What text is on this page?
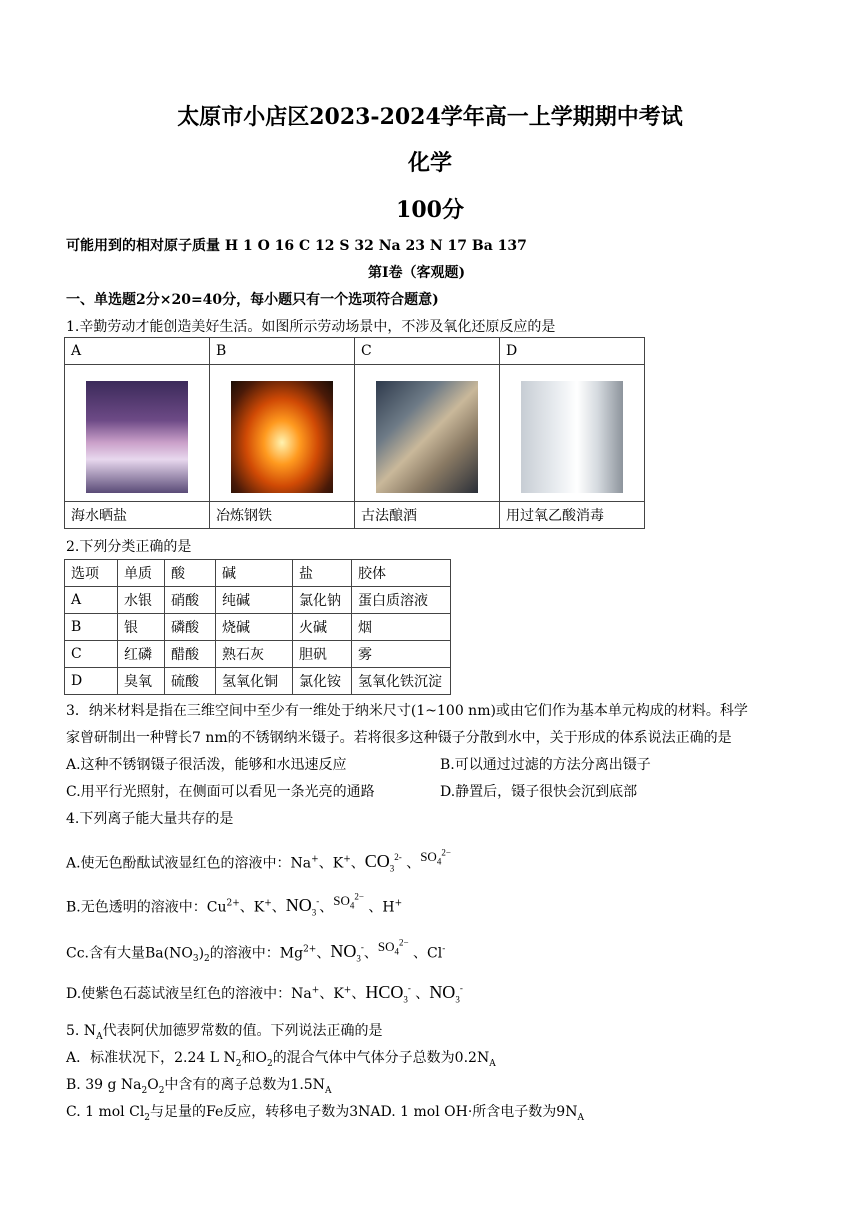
太原市小店区2023-2024学年高一上学期期中考试
化学
100分
可能用到的相对原子质量 H 1 O 16 C 12 S 32 Na 23 N 17 Ba 137
第Ⅰ卷（客观题)
一、单选题2分×20=40分，每小题只有一个选项符合题意)
1.辛勤劳动才能创造美好生活。如图所示劳动场景中，不涉及氧化还原反应的是
A	B	C	D

海水晒盐	冶炼钢铁	古法酿酒	用过氧乙酸消毒
2.下列分类正确的是
选项	单质	酸	碱	盐	胶体
A	水银	硝酸	纯碱	氯化钠	蛋白质溶液
B	银	磷酸	烧碱	火碱	烟
C	红磷	醋酸	熟石灰	胆矾	雾
D	臭氧	硫酸	氢氧化铜	氯化铵	氢氧化铁沉淀
3．纳米材料是指在三维空间中至少有一维处于纳米尺寸(1~100 nm)或由它们作为基本单元构成的材料。科学
家曾研制出一种臂长7 nm的不锈钢纳米镊子。若将很多这种镊子分散到水中，关于形成的体系说法正确的是
A.这种不锈钢镊子很活泼，能够和水迅速反应	B.可以通过过滤的方法分离出镊子
C.用平行光照射，在侧面可以看见一条光亮的通路	D.静置后，镊子很快会沉到底部
4.下列离子能大量共存的是
A.使无色酚酞试液显红色的溶液中：Na+、K+、$CO_3^{2-}$ 、$SO_4^{2-}$
B.无色透明的溶液中：$Cu^{2+}$、K+、$NO_3^-$、$SO_4^{2-}$ 、H+
Cc.含有大量$Ba(NO_3)_2$的溶液中：$Mg^{2+}$、$NO_3^-$、$SO_4^{2-}$ 、Cl-
D.使紫色石蕊试液呈红色的溶液中：Na+、K+、$HCO_3^-$ 、$NO_3^-$
5. $N_A$代表阿伏加德罗常数的值。下列说法正确的是
A．标准状况下，2.24 L $N_2$和$O_2$的混合气体中气体分子总数为$0.2N_A$
B. 39 g $Na_2O_2$中含有的离子总数为$1.5N_A$
C. 1 mol $Cl_2$与足量的Fe反应，转移电子数为3NAD. 1 mol OH·所含电子数为$9N_A$
